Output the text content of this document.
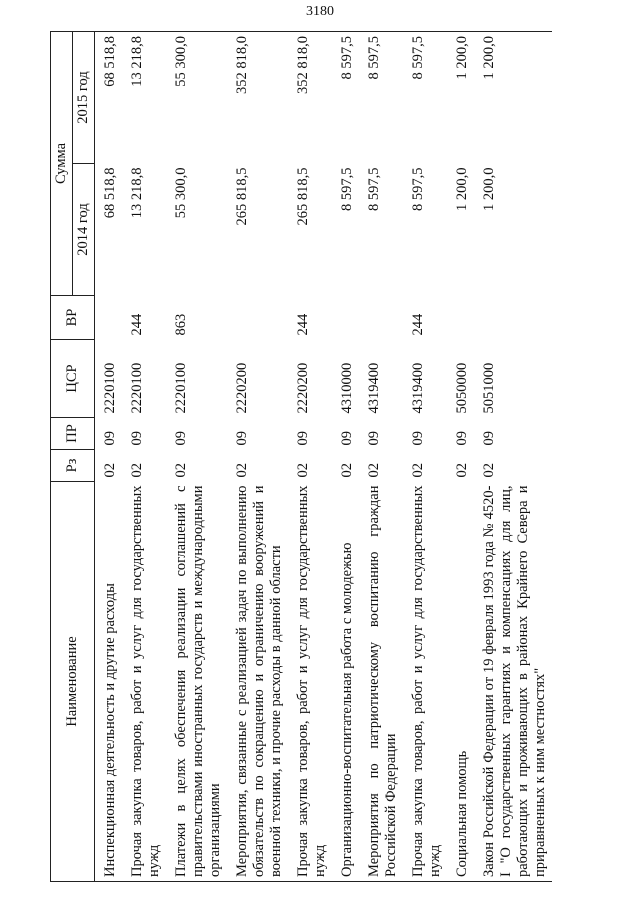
3180
Наименование	Рз	ПР	ЦСР	ВР	Сумма	
					2014 год	2015 год
Инспекционная деятельность и другие расходы	02	09	2220100		68 518,8	68 518,8
Прочая закупка товаров, работ и услуг для государственных нужд	02	09	2220100	244	13 218,8	13 218,8
Платежи в целях обеспечения реализации соглашений с правительствами иностранных государств и международными организациями	02	09	2220100	863	55 300,0	55 300,0
Мероприятия, связанные с реализацией задач по выполнению обязательств по сокращению и ограничению вооружений и военной техники, и прочие расходы в данной области	02	09	2220200		265 818,5	352 818,0
Прочая закупка товаров, работ и услуг для государственных нужд	02	09	2220200	244	265 818,5	352 818,0
Организационно-воспитательная работа с молодежью	02	09	4310000		8 597,5	8 597,5
Мероприятия по патриотическому воспитанию граждан Российской Федерации	02	09	4319400		8 597,5	8 597,5
Прочая закупка товаров, работ и услуг для государственных нужд	02	09	4319400	244	8 597,5	8 597,5
Социальная помощь	02	09	5050000		1 200,0	1 200,0
Закон Российской Федерации от 19 февраля 1993 года № 4520-I "О государственных гарантиях и компенсациях для лиц, работающих и проживающих в районах Крайнего Севера и приравненных к ним местностях"	02	09	5051000		1 200,0	1 200,0
